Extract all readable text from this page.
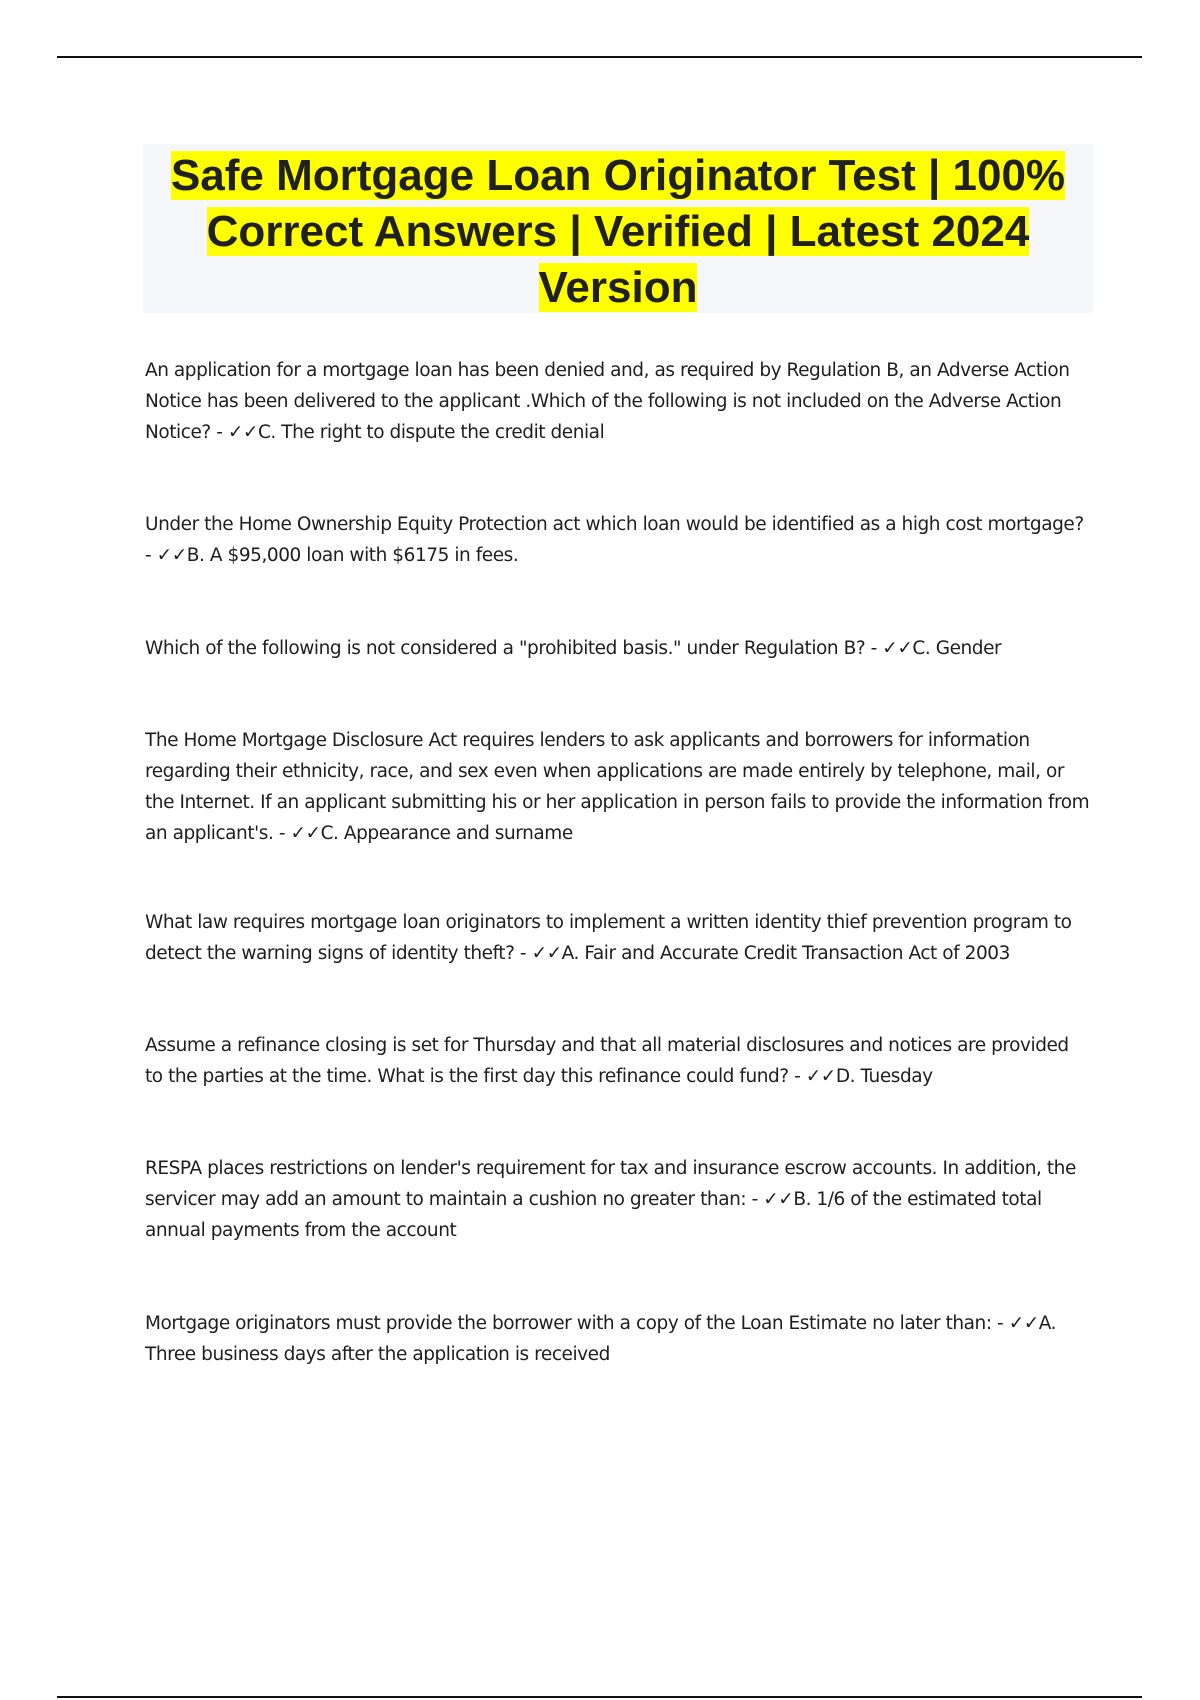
Safe Mortgage Loan Originator Test | 100% Correct Answers | Verified | Latest 2024 Version

An application for a mortgage loan has been denied and, as required by Regulation B, an Adverse Action Notice has been delivered to the applicant .Which of the following is not included on the Adverse Action Notice? - ✓✓C. The right to dispute the credit denial

Under the Home Ownership Equity Protection act which loan would be identified as a high cost mortgage? - ✓✓B. A $95,000 loan with $6175 in fees.

Which of the following is not considered a "prohibited basis." under Regulation B? - ✓✓C. Gender

The Home Mortgage Disclosure Act requires lenders to ask applicants and borrowers for information regarding their ethnicity, race, and sex even when applications are made entirely by telephone, mail, or the Internet. If an applicant submitting his or her application in person fails to provide the information from an applicant's. - ✓✓C. Appearance and surname

What law requires mortgage loan originators to implement a written identity thief prevention program to detect the warning signs of identity theft? - ✓✓A. Fair and Accurate Credit Transaction Act of 2003

Assume a refinance closing is set for Thursday and that all material disclosures and notices are provided to the parties at the time. What is the first day this refinance could fund? - ✓✓D. Tuesday

RESPA places restrictions on lender's requirement for tax and insurance escrow accounts. In addition, the servicer may add an amount to maintain a cushion no greater than: - ✓✓B. 1/6 of the estimated total annual payments from the account

Mortgage originators must provide the borrower with a copy of the Loan Estimate no later than: - ✓✓A. Three business days after the application is received
